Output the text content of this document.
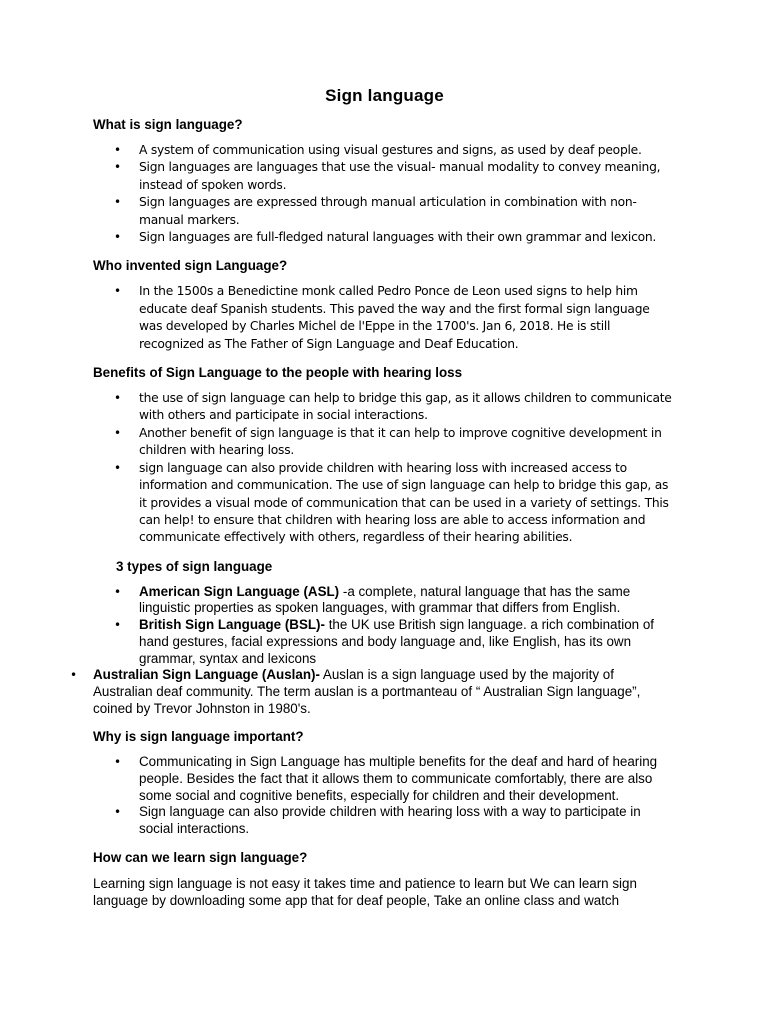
Sign language
What is sign language?
• A system of communication using visual gestures and signs, as used by deaf people.
• Sign languages are languages that use the visual- manual modality to convey meaning, instead of spoken words.
• Sign languages are expressed through manual articulation in combination with non-manual markers.
• Sign languages are full-fledged natural languages with their own grammar and lexicon.
Who invented sign Language?
• In the 1500s a Benedictine monk called Pedro Ponce de Leon used signs to help him educate deaf Spanish students. This paved the way and the first formal sign language was developed by Charles Michel de l'Eppe in the 1700's. Jan 6, 2018. He is still recognized as The Father of Sign Language and Deaf Education.
Benefits of Sign Language to the people with hearing loss
• the use of sign language can help to bridge this gap, as it allows children to communicate with others and participate in social interactions.
• Another benefit of sign language is that it can help to improve cognitive development in children with hearing loss.
• sign language can also provide children with hearing loss with increased access to information and communication. The use of sign language can help to bridge this gap, as it provides a visual mode of communication that can be used in a variety of settings. This can help! to ensure that children with hearing loss are able to access information and communicate effectively with others, regardless of their hearing abilities.
3 types of sign language
• American Sign Language (ASL) -a complete, natural language that has the same linguistic properties as spoken languages, with grammar that differs from English.
• British Sign Language (BSL)- the UK use British sign language. a rich combination of hand gestures, facial expressions and body language and, like English, has its own grammar, syntax and lexicons
• Australian Sign Language (Auslan)- Auslan is a sign language used by the majority of Australian deaf community. The term auslan is a portmanteau of “ Australian Sign language”, coined by Trevor Johnston in 1980's.
Why is sign language important?
• Communicating in Sign Language has multiple benefits for the deaf and hard of hearing people. Besides the fact that it allows them to communicate comfortably, there are also some social and cognitive benefits, especially for children and their development.
• Sign language can also provide children with hearing loss with a way to participate in social interactions.
How can we learn sign language?

Learning sign language is not easy it takes time and patience to learn but We can learn sign language by downloading some app that for deaf people, Take an online class and watch
